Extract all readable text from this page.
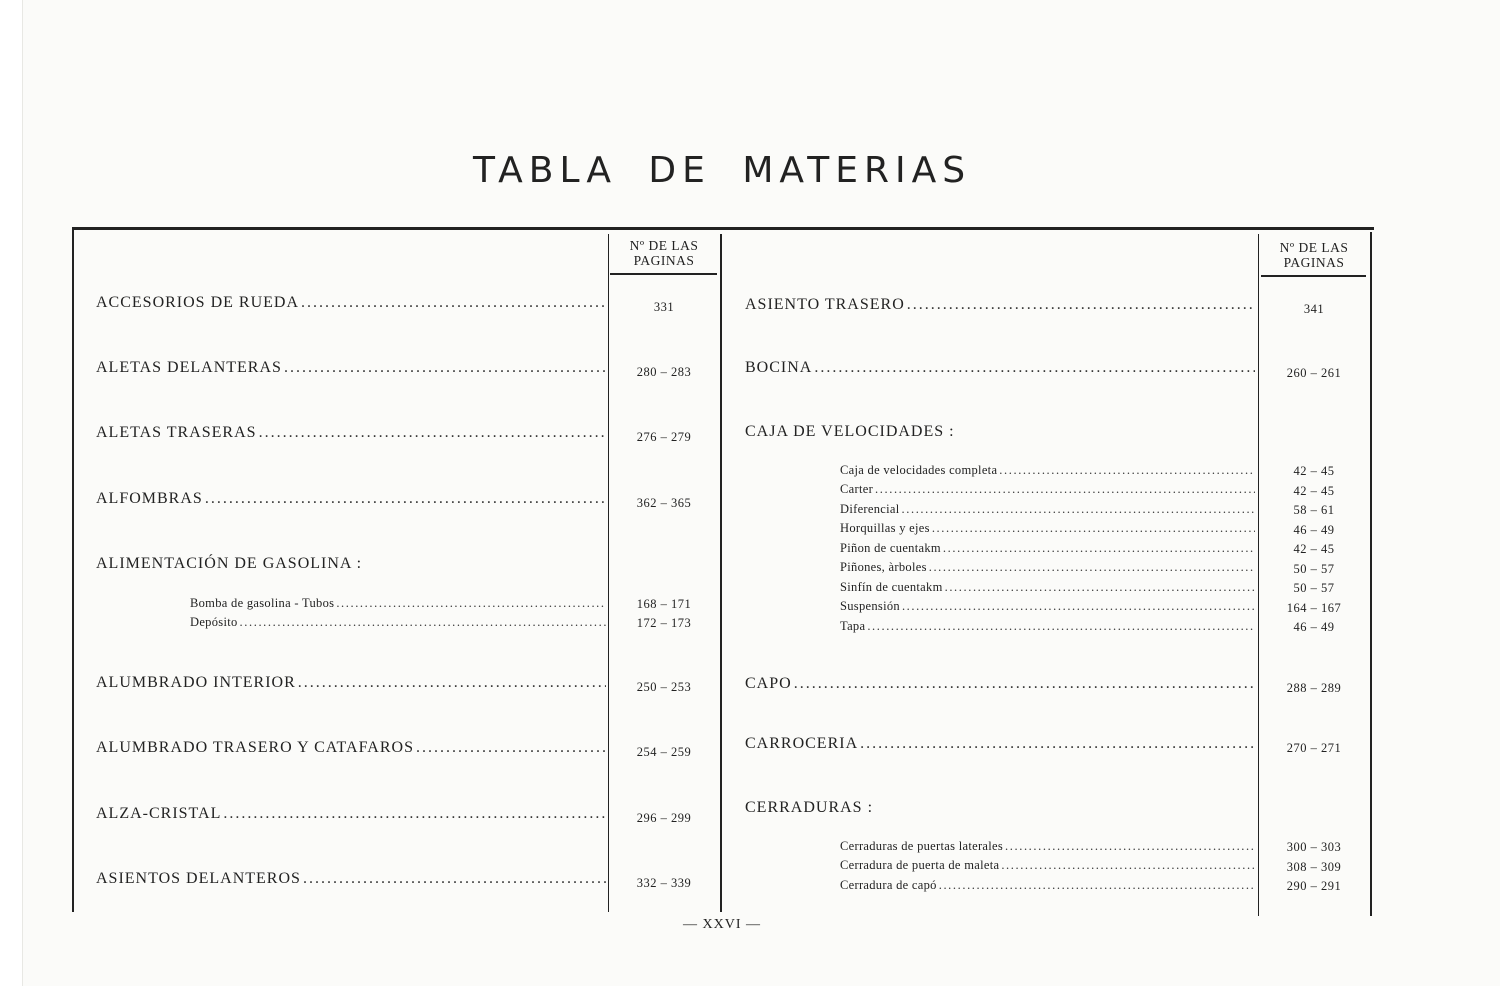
TABLA DE MATERIAS
Nº DE LAS
PAGINAS
Nº DE LAS
PAGINAS
ACCESORIOS DE RUEDA .....	331
ALETAS DELANTERAS .....	280 – 283
ALETAS TRASERAS .....	276 – 279
ALFOMBRAS .....	362 – 365
ALIMENTACIÓN DE GASOLINA :
Bomba de gasolina - Tubos .....	168 – 171
Depósito .....	172 – 173
ALUMBRADO INTERIOR .....	250 – 253
ALUMBRADO TRASERO Y CATAFAROS .....	254 – 259
ALZA-CRISTAL .....	296 – 299
ASIENTOS DELANTEROS .....	332 – 339
ASIENTO TRASERO .....	341
BOCINA .....	260 – 261
CAJA DE VELOCIDADES :
Caja de velocidades completa .....	42 – 45
Carter .....	42 – 45
Diferencial .....	58 – 61
Horquillas y ejes .....	46 – 49
Piñon de cuentakm .....	42 – 45
Piñones, àrboles .....	50 – 57
Sinfín de cuentakm .....	50 – 57
Suspensión .....	164 – 167
Tapa .....	46 – 49
CAPO .....	288 – 289
CARROCERIA .....	270 – 271
CERRADURAS :
Cerraduras de puertas laterales .....	300 – 303
Cerradura de puerta de maleta .....	308 – 309
Cerradura de capó .....	290 – 291
— XXVI —
